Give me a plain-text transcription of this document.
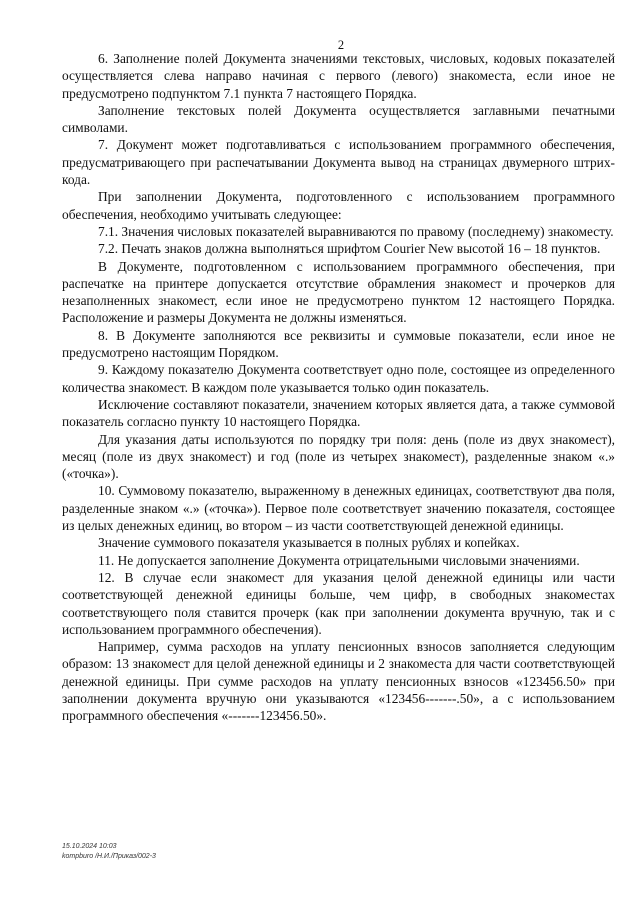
2

6. Заполнение полей Документа значениями текстовых, числовых, кодовых показателей осуществляется слева направо начиная с первого (левого) знакоместа, если иное не предусмотрено подпунктом 7.1 пункта 7 настоящего Порядка.

Заполнение текстовых полей Документа осуществляется заглавными печатными символами.

7. Документ может подготавливаться с использованием программного обеспечения, предусматривающего при распечатывании Документа вывод на страницах двумерного штрих-кода.

При заполнении Документа, подготовленного с использованием программного обеспечения, необходимо учитывать следующее:

7.1. Значения числовых показателей выравниваются по правому (последнему) знакоместу.

7.2. Печать знаков должна выполняться шрифтом Courier New высотой 16 – 18 пунктов.

В Документе, подготовленном с использованием программного обеспечения, при распечатке на принтере допускается отсутствие обрамления знакомест и прочерков для незаполненных знакомест, если иное не предусмотрено пунктом 12 настоящего Порядка. Расположение и размеры Документа не должны изменяться.

8. В Документе заполняются все реквизиты и суммовые показатели, если иное не предусмотрено настоящим Порядком.

9. Каждому показателю Документа соответствует одно поле, состоящее из определенного количества знакомест. В каждом поле указывается только один показатель.

Исключение составляют показатели, значением которых является дата, а также суммовой показатель согласно пункту 10 настоящего Порядка.

Для указания даты используются по порядку три поля: день (поле из двух знакомест), месяц (поле из двух знакомест) и год (поле из четырех знакомест), разделенные знаком «.» («точка»).

10. Суммовому показателю, выраженному в денежных единицах, соответствуют два поля, разделенные знаком «.» («точка»). Первое поле соответствует значению показателя, состоящее из целых денежных единиц, во втором – из части соответствующей денежной единицы.

Значение суммового показателя указывается в полных рублях и копейках.

11. Не допускается заполнение Документа отрицательными числовыми значениями.

12. В случае если знакомест для указания целой денежной единицы или части соответствующей денежной единицы больше, чем цифр, в свободных знакоместах соответствующего поля ставится прочерк (как при заполнении документа вручную, так и с использованием программного обеспечения).

Например, сумма расходов на уплату пенсионных взносов заполняется следующим образом: 13 знакомест для целой денежной единицы и 2 знакоместа для части соответствующей денежной единицы. При сумме расходов на уплату пенсионных взносов «123456.50» при заполнении документа вручную они указываются «123456-------.50», а с использованием программного обеспечения «-------123456.50».

15.10.2024 10:03
kompburo /Н.И./Приказ/002-3
